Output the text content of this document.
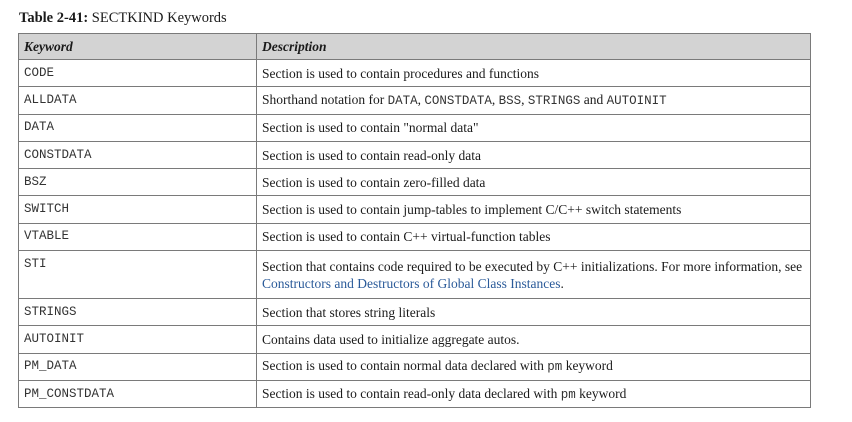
Table 2-41: SECTKIND Keywords
Keyword	Description
CODE	Section is used to contain procedures and functions
ALLDATA	Shorthand notation for DATA, CONSTDATA, BSS, STRINGS and AUTOINIT
DATA	Section is used to contain "normal data"
CONSTDATA	Section is used to contain read-only data
BSZ	Section is used to contain zero-filled data
SWITCH	Section is used to contain jump-tables to implement C/C++ switch statements
VTABLE	Section is used to contain C++ virtual-function tables
STI	Section that contains code required to be executed by C++ initializations. For more information, see Constructors and Destructors of Global Class Instances.
STRINGS	Section that stores string literals
AUTOINIT	Contains data used to initialize aggregate autos.
PM_DATA	Section is used to contain normal data declared with pm keyword
PM_CONSTDATA	Section is used to contain read-only data declared with pm keyword
